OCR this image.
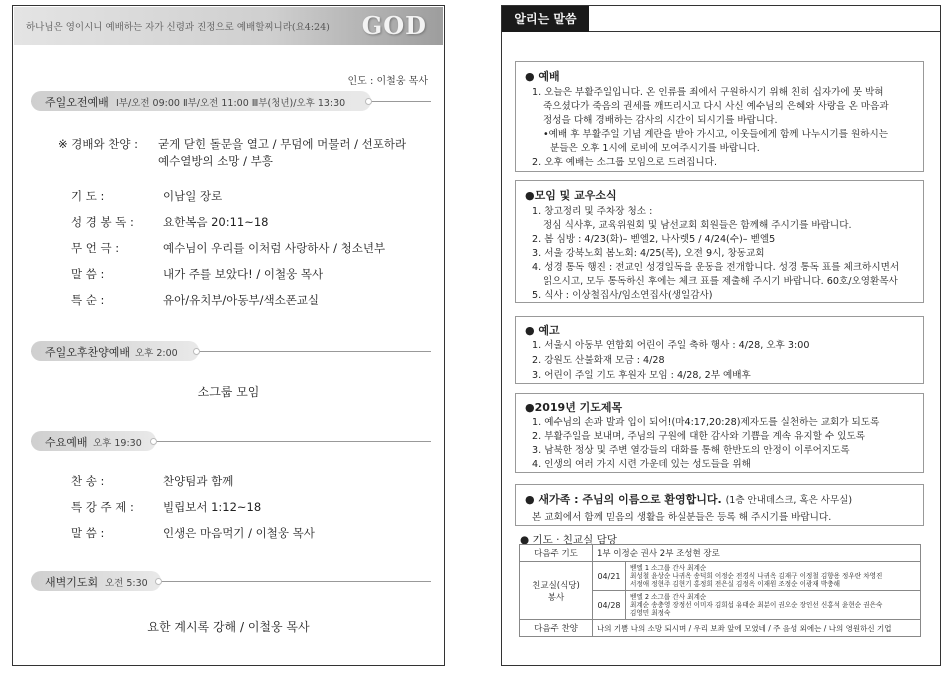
하나님은 영이시니 예배하는 자가 신령과 진정으로 예배할찌니라(요4:24) GOD
인도 : 이철웅 목사
주일오전예배 Ⅰ부/오전 09:00 Ⅱ부/오전 11:00 Ⅲ부(청년)/오후 13:30
※ 경배와 찬양 : 굳게 닫힌 돌문을 열고 / 무덤에 머물러 / 선포하라
예수열방의 소망 / 부흥
기 도 :	이남일 장로
성 경 봉 독 :	요한복음 20:11~18
무 언 극 :	예수님이 우리를 이처럼 사랑하사 / 청소년부
말 씀 :	내가 주를 보았다! / 이철웅 목사
특 순 :	유아/유치부/아동부/색소폰교실
주일오후찬양예배 오후 2:00
소그룹 모임
수요예배 오후 19:30
찬 송 :	찬양팀과 함께
특 강 주 제 :	빌립보서 1:12~18
말 씀 :	인생은 마음먹기 / 이철웅 목사
새벽기도회 오전 5:30
요한 계시록 강해 / 이철웅 목사
알리는 말씀
● 예배
1. 오늘은 부활주일입니다. 온 인류를 죄에서 구원하시기 위해 친히 십자가에 못 박혀
죽으셨다가 죽음의 권세를 깨뜨리시고 다시 사신 예수님의 은혜와 사랑을 온 마음과
정성을 다해 경배하는 감사의 시간이 되시기를 바랍니다.
•예배 후 부활주일 기념 계란을 받아 가시고, 이웃들에게 함께 나누시기를 원하시는
분들은 오후 1시에 로비에 모여주시기를 바랍니다.
2. 오후 예배는 소그룹 모임으로 드려집니다.
●모임 및 교우소식
1. 창고정리 및 주차장 청소 :
정심 식사후, 교육위원회 및 남선교회 회원들은 함께해 주시기를 바랍니다.
2. 봄 심방 : 4/23(화)– 벧엘2, 나사렛5 / 4/24(수)– 벧엘5
3. 서울 강북노회 봄노회: 4/25(목), 오전 9시, 창동교회
4. 성경 통독 행진 : 전교인 성경일독을 운동을 전개합니다. 성경 통독 표를 체크하시면서
읽으시고, 모두 통독하신 후에는 체크 표를 제출해 주시기 바랍니다. 60호/오영환목사
5. 식사 : 이상철집사/임소연집사(생일감사)
● 예고
1. 서울시 아동부 연합회 어린이 주일 축하 행사 : 4/28, 오후 3:00
2. 강원도 산불화재 모금 : 4/28
3. 어린이 주일 기도 후원자 모임 : 4/28, 2부 예배후
●2019년 기도제목
1. 예수님의 손과 발과 입이 되어!(마4:17,20:28)제자도를 실천하는 교회가 되도록
2. 부활주일을 보내며, 주님의 구원에 대한 감사와 기쁨을 계속 유지할 수 있도록
3. 남북한 정상 및 주변 열강들의 대화를 통해 한반도의 안정이 이루어지도록
4. 인생의 여러 가지 시련 가운데 있는 성도들을 위해
● 새가족 : 주님의 이름으로 환영합니다. (1층 안내데스크, 혹은 사무실)
본 교회에서 함께 믿음의 생활을 하실분들은 등록 해 주시기를 바랍니다.
● 기도 · 친교실 담당
다음주 기도	1부 이정순 권사 2부 조성현 장로	
친교실(식당)
봉사	04/21	벧엘 1 소그룹 간사 최계순
최성철 윤상순 나귀옥 송덕희 이정순 전경식 나귀옥 김재구 이정철 김향용 정우란 차영진
서정애 정현주 김현기 홍정희 전은실 김정옥 이재원 조정순 이광재 박충해
	04/28	벧엘 2 소그룹 간사 최계순
최계순 송충영 장정선 이미자 김희섭 유태순 최분이 권오순 장인선 신홍석 윤현순 권은숙
김영민 최정숙
다음주 찬양	나의 기쁨 나의 소망 되시며 / 우리 보좌 앞에 모였네 / 주 음성 외에는 / 나의 영원하신 기업	
